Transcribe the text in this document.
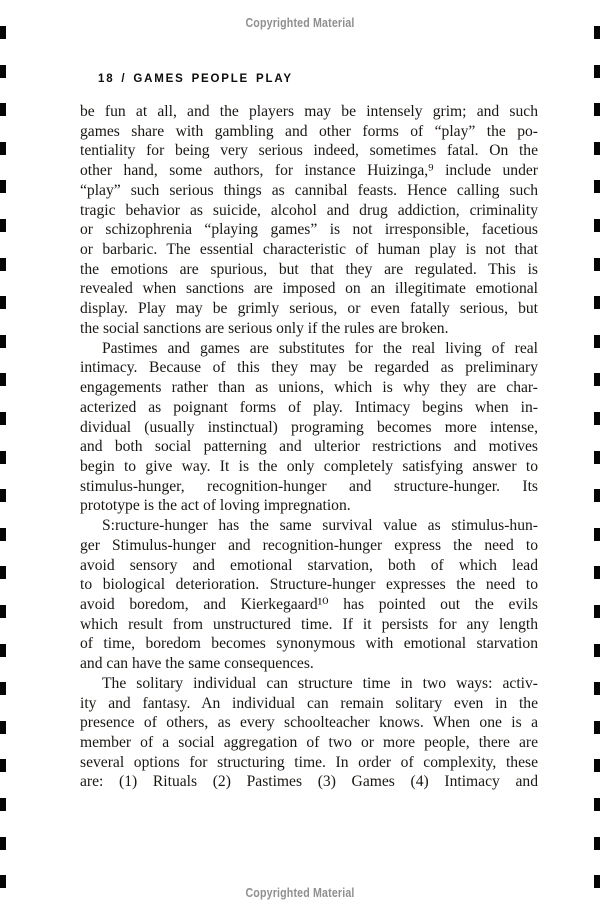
Copyrighted Material
18 / GAMES PEOPLE PLAY
be fun at all, and the players may be intensely grim; and such
games share with gambling and other forms of “play” the po-
tentiality for being very serious indeed, sometimes fatal. On the
other hand, some authors, for instance Huizinga,⁹ include under
“play” such serious things as cannibal feasts. Hence calling such
tragic behavior as suicide, alcohol and drug addiction, criminality
or schizophrenia “playing games” is not irresponsible, facetious
or barbaric. The essential characteristic of human play is not that
the emotions are spurious, but that they are regulated. This is
revealed when sanctions are imposed on an illegitimate emotional
display. Play may be grimly serious, or even fatally serious, but
the social sanctions are serious only if the rules are broken.
Pastimes and games are substitutes for the real living of real
intimacy. Because of this they may be regarded as preliminary
engagements rather than as unions, which is why they are char-
acterized as poignant forms of play. Intimacy begins when in-
dividual (usually instinctual) programing becomes more intense,
and both social patterning and ulterior restrictions and motives
begin to give way. It is the only completely satisfying answer to
stimulus-hunger, recognition-hunger and structure-hunger. Its
prototype is the act of loving impregnation.
S:ructure-hunger has the same survival value as stimulus-hun-
ger Stimulus-hunger and recognition-hunger express the need to
avoid sensory and emotional starvation, both of which lead
to biological deterioration. Structure-hunger expresses the need to
avoid boredom, and Kierkegaard¹⁰ has pointed out the evils
which result from unstructured time. If it persists for any length
of time, boredom becomes synonymous with emotional starvation
and can have the same consequences.
The solitary individual can structure time in two ways: activ-
ity and fantasy. An individual can remain solitary even in the
presence of others, as every schoolteacher knows. When one is a
member of a social aggregation of two or more people, there are
several options for structuring time. In order of complexity, these
are: (1) Rituals (2) Pastimes (3) Games (4) Intimacy and
Copyrighted Material
